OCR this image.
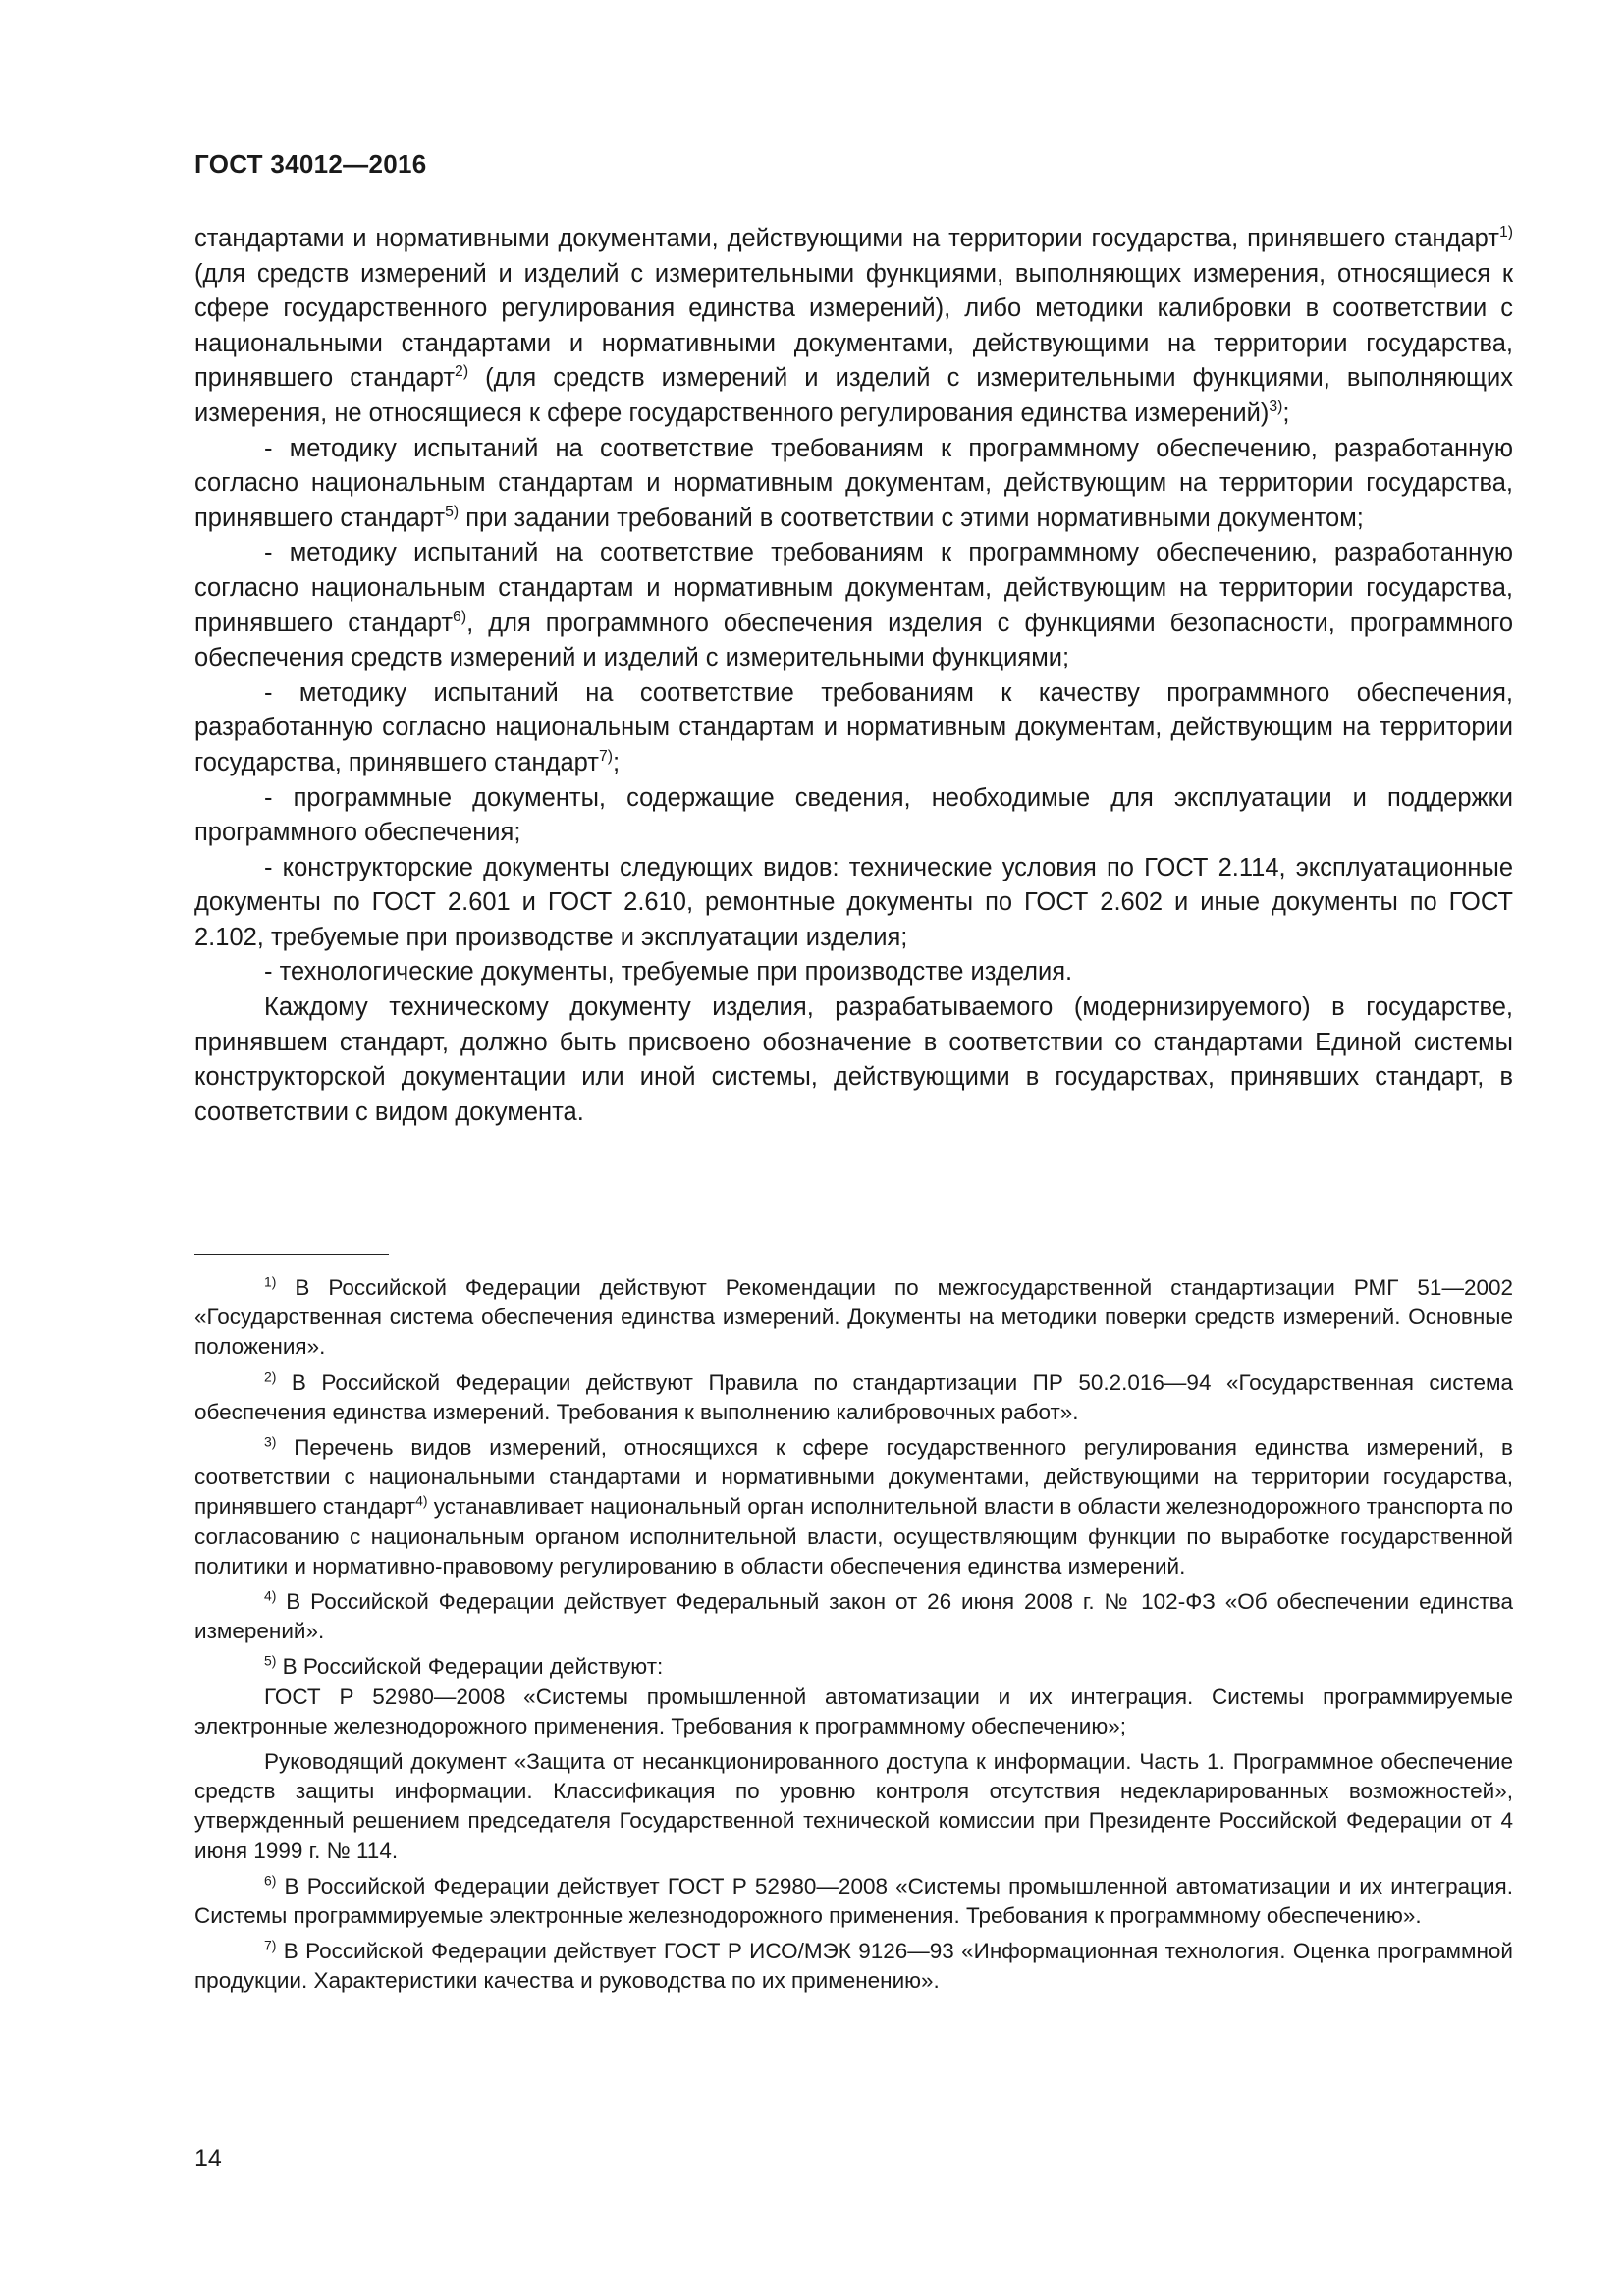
ГОСТ 34012—2016

стандартами и нормативными документами, действующими на территории государства, принявшего стандарт$^{1)}$ (для средств измерений и изделий с измерительными функциями, выполняющих измерения, относящиеся к сфере государственного регулирования единства измерений), либо методики калибровки в соответствии с национальными стандартами и нормативными документами, действующими на территории государства, принявшего стандарт$^{2)}$ (для средств измерений и изделий с измерительными функциями, выполняющих измерения, не относящиеся к сфере государственного регулирования единства измерений)$^{3)}$;

- методику испытаний на соответствие требованиям к программному обеспечению, разработанную согласно национальным стандартам и нормативным документам, действующим на территории государства, принявшего стандарт$^{5)}$ при задании требований в соответствии с этими нормативными документом;

- методику испытаний на соответствие требованиям к программному обеспечению, разработанную согласно национальным стандартам и нормативным документам, действующим на территории государства, принявшего стандарт$^{6)}$, для программного обеспечения изделия с функциями безопасности, программного обеспечения средств измерений и изделий с измерительными функциями;

- методику испытаний на соответствие требованиям к качеству программного обеспечения, разработанную согласно национальным стандартам и нормативным документам, действующим на территории государства, принявшего стандарт$^{7)}$;

- программные документы, содержащие сведения, необходимые для эксплуатации и поддержки программного обеспечения;

- конструкторские документы следующих видов: технические условия по ГОСТ 2.114, эксплуатационные документы по ГОСТ 2.601 и ГОСТ 2.610, ремонтные документы по ГОСТ 2.602 и иные документы по ГОСТ 2.102, требуемые при производстве и эксплуатации изделия;

- технологические документы, требуемые при производстве изделия.

Каждому техническому документу изделия, разрабатываемого (модернизируемого) в государстве, принявшем стандарт, должно быть присвоено обозначение в соответствии со стандартами Единой системы конструкторской документации или иной системы, действующими в государствах, принявших стандарт, в соответствии с видом документа.

$^{1)}$ В Российской Федерации действуют Рекомендации по межгосударственной стандартизации РМГ 51—2002 «Государственная система обеспечения единства измерений. Документы на методики поверки средств измерений. Основные положения».

$^{2)}$ В Российской Федерации действуют Правила по стандартизации ПР 50.2.016—94 «Государственная система обеспечения единства измерений. Требования к выполнению калибровочных работ».

$^{3)}$ Перечень видов измерений, относящихся к сфере государственного регулирования единства измерений, в соответствии с национальными стандартами и нормативными документами, действующими на территории государства, принявшего стандарт$^{4)}$ устанавливает национальный орган исполнительной власти в области железнодорожного транспорта по согласованию с национальным органом исполнительной власти, осуществляющим функции по выработке государственной политики и нормативно-правовому регулированию в области обеспечения единства измерений.

$^{4)}$ В Российской Федерации действует Федеральный закон от 26 июня 2008 г. № 102-ФЗ «Об обеспечении единства измерений».

$^{5)}$ В Российской Федерации действуют:

ГОСТ Р 52980—2008 «Системы промышленной автоматизации и их интеграция. Системы программируемые электронные железнодорожного применения. Требования к программному обеспечению»;

Руководящий документ «Защита от несанкционированного доступа к информации. Часть 1. Программное обеспечение средств защиты информации. Классификация по уровню контроля отсутствия недекларированных возможностей», утвержденный решением председателя Государственной технической комиссии при Президенте Российской Федерации от 4 июня 1999 г. № 114.

$^{6)}$ В Российской Федерации действует ГОСТ Р 52980—2008 «Системы промышленной автоматизации и их интеграция. Системы программируемые электронные железнодорожного применения. Требования к программному обеспечению».

$^{7)}$ В Российской Федерации действует ГОСТ Р ИСО/МЭК 9126—93 «Информационная технология. Оценка программной продукции. Характеристики качества и руководства по их применению».

14
